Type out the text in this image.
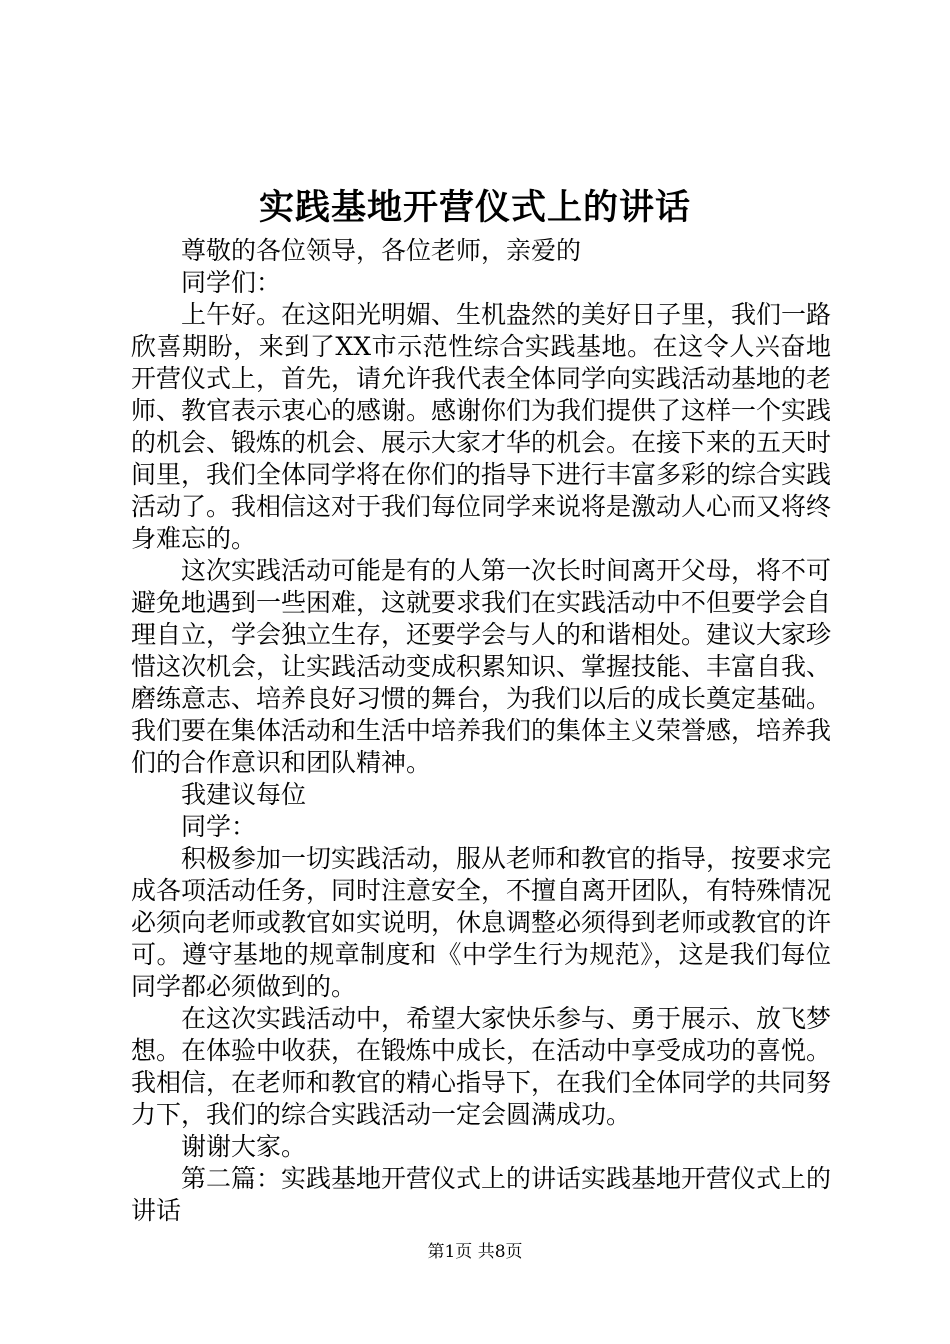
实践基地开营仪式上的讲话

尊敬的各位领导，各位老师，亲爱的

同学们：

上午好。在这阳光明媚、生机盎然的美好日子里，我们一路欣喜期盼，来到了XX市示范性综合实践基地。在这令人兴奋地开营仪式上，首先，请允许我代表全体同学向实践活动基地的老师、教官表示衷心的感谢。感谢你们为我们提供了这样一个实践的机会、锻炼的机会、展示大家才华的机会。在接下来的五天时间里，我们全体同学将在你们的指导下进行丰富多彩的综合实践活动了。我相信这对于我们每位同学来说将是激动人心而又将终身难忘的。

这次实践活动可能是有的人第一次长时间离开父母，将不可避免地遇到一些困难，这就要求我们在实践活动中不但要学会自理自立，学会独立生存，还要学会与人的和谐相处。建议大家珍惜这次机会，让实践活动变成积累知识、掌握技能、丰富自我、磨练意志、培养良好习惯的舞台，为我们以后的成长奠定基础。我们要在集体活动和生活中培养我们的集体主义荣誉感，培养我们的合作意识和团队精神。

我建议每位

同学：

积极参加一切实践活动，服从老师和教官的指导，按要求完成各项活动任务，同时注意安全，不擅自离开团队，有特殊情况必须向老师或教官如实说明，休息调整必须得到老师或教官的许可。遵守基地的规章制度和《中学生行为规范》，这是我们每位同学都必须做到的。

在这次实践活动中，希望大家快乐参与、勇于展示、放飞梦想。在体验中收获，在锻炼中成长，在活动中享受成功的喜悦。我相信，在老师和教官的精心指导下，在我们全体同学的共同努力下，我们的综合实践活动一定会圆满成功。

谢谢大家。

第二篇：实践基地开营仪式上的讲话实践基地开营仪式上的讲话

第1页 共8页
